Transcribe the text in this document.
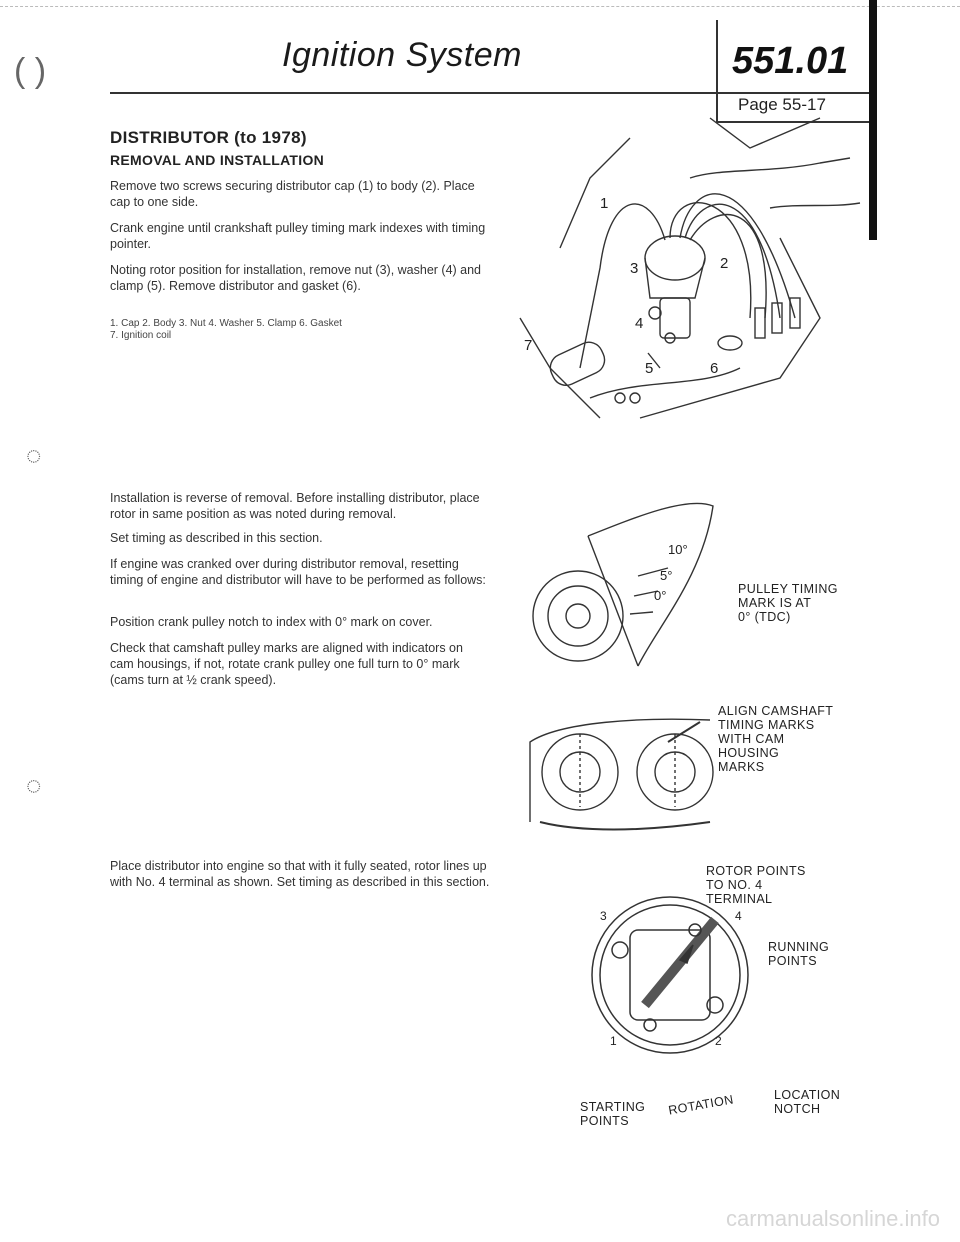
Ignition System	551.01
Page 55-17
( )
◌
◌
DISTRIBUTOR (to 1978)
REMOVAL AND INSTALLATION
Remove two screws securing distributor cap (1) to body (2). Place cap to one side.
Crank engine until crankshaft pulley timing mark indexes with timing pointer.
Noting rotor position for installation, remove nut (3), washer (4) and clamp (5). Remove distributor and gasket (6).
1. Cap 2. Body 3. Nut 4. Washer 5. Clamp 6. Gasket
7. Ignition coil
1
2
3
4
5	6
7
Installation is reverse of removal. Before installing distributor, place rotor in same position as was noted during removal.
Set timing as described in this section.
If engine was cranked over during distributor removal, resetting timing of engine and distributor will have to be performed as follows:
Position crank pulley notch to index with 0° mark on cover.
Check that camshaft pulley marks are aligned with indicators on cam housings, if not, rotate crank pulley one full turn to 0° mark (cams turn at ½ crank speed).
10°
5°
0°	PULLEY TIMING
MARK IS AT
0° (TDC)
ALIGN CAMSHAFT
TIMING MARKS
WITH CAM
HOUSING
MARKS
Place distributor into engine so that with it fully seated, rotor lines up with No. 4 terminal as shown. Set timing as described in this section.
3	4
1	2
ROTOR POINTS
TO NO. 4
TERMINAL
RUNNING
POINTS
STARTING
POINTS
ROTATION	LOCATION
NOTCH
carmanualsonline.info
